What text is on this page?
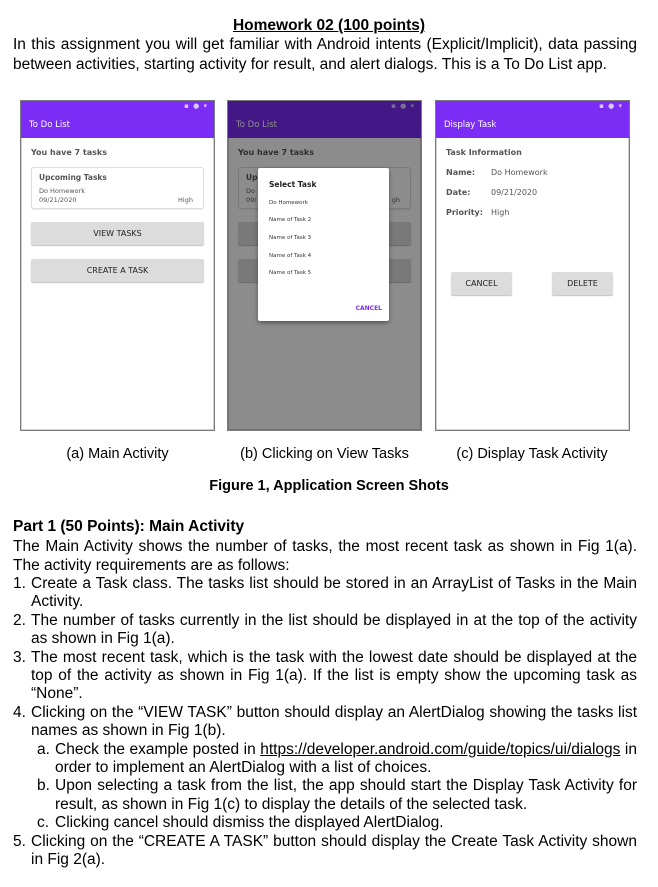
Homework 02 (100 points)

In this assignment you will get familiar with Android intents (Explicit/Implicit), data passing between activities, starting activity for result, and alert dialogs. This is a To Do List app.

▪ ● ▾
To Do List
You have 7 tasks
Upcoming Tasks
Do Homework
09/21/2020	High
VIEW TASKS
CREATE A TASK
▪ ● ▾
To Do List
You have 7 tasks
Up
Do
09/	gh
Select Task
Do Homework
Name of Task 2
Name of Task 3
Name of Task 4
Name of Task 5
CANCEL
▪ ● ▾
Display Task
Task Information
Name: Do Homework
Date:	09/21/2020
Priority: High
CANCEL	DELETE
(a) Main Activity	(b) Clicking on View Tasks	(c) Display Task Activity
Figure 1, Application Screen Shots
Part 1 (50 Points): Main Activity

The Main Activity shows the number of tasks, the most recent task as shown in Fig 1(a). The activity requirements are as follows:

1. Create a Task class. The tasks list should be stored in an ArrayList of Tasks in the Main Activity.
2. The number of tasks currently in the list should be displayed in at the top of the activity as shown in Fig 1(a).
3. The most recent task, which is the task with the lowest date should be displayed at the top of the activity as shown in Fig 1(a). If the list is empty show the upcoming task as “None”.
4. Clicking on the “VIEW TASK” button should display an AlertDialog showing the tasks list names as shown in Fig 1(b).
a. Check the example posted in https://developer.android.com/guide/topics/ui/dialogs in order to implement an AlertDialog with a list of choices.
b. Upon selecting a task from the list, the app should start the Display Task Activity for result, as shown in Fig 1(c) to display the details of the selected task.
c. Clicking cancel should dismiss the displayed AlertDialog.
5. Clicking on the “CREATE A TASK” button should display the Create Task Activity shown in Fig 2(a).
